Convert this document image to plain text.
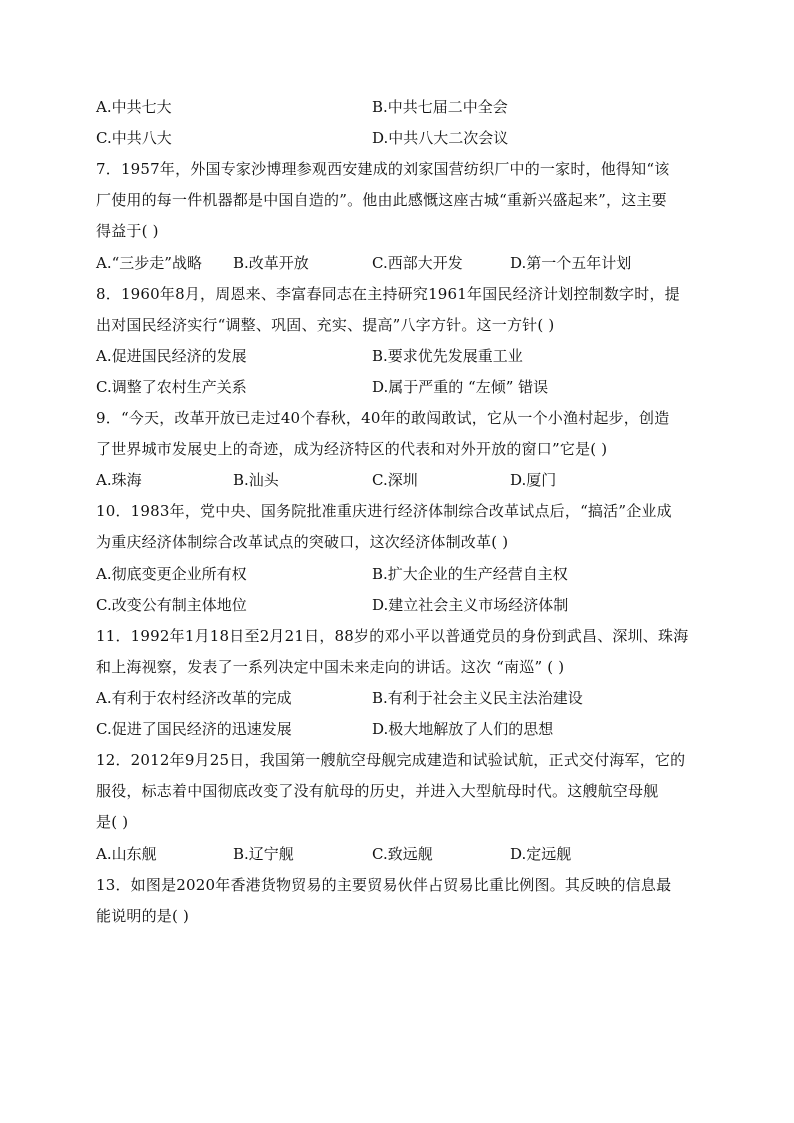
A.中共七大	B.中共七届二中全会
C.中共八大	D.中共八大二次会议
7．1957年，外国专家沙博理参观西安建成的刘家国营纺织厂中的一家时，他得知“该
厂使用的每一件机器都是中国自造的”。他由此感慨这座古城“重新兴盛起来”，这主要
得益于( )
A.“三步走”战略 B.改革开放	C.西部大开发	D.第一个五年计划
8．1960年8月，周恩来、李富春同志在主持研究1961年国民经济计划控制数字时，提
出对国民经济实行“调整、巩固、充实、提高”八字方针。这一方针( )
A.促进国民经济的发展	B.要求优先发展重工业
C.调整了农村生产关系	D.属于严重的 “左倾” 错误
9．“今天，改革开放已走过40个春秋，40年的敢闯敢试，它从一个小渔村起步，创造
了世界城市发展史上的奇迹，成为经济特区的代表和对外开放的窗口”它是( )
A.珠海	B.汕头	C.深圳	D.厦门
10．1983年，党中央、国务院批准重庆进行经济体制综合改革试点后，“搞活”企业成
为重庆经济体制综合改革试点的突破口，这次经济体制改革( )
A.彻底变更企业所有权	B.扩大企业的生产经营自主权
C.改变公有制主体地位	D.建立社会主义市场经济体制
11．1992年1月18日至2月21日，88岁的邓小平以普通党员的身份到武昌、深圳、珠海
和上海视察，发表了一系列决定中国未来走向的讲话。这次 “南巡” ( )
A.有利于农村经济改革的完成	B.有利于社会主义民主法治建设
C.促进了国民经济的迅速发展	D.极大地解放了人们的思想
12．2012年9月25日，我国第一艘航空母舰完成建造和试验试航，正式交付海军，它的
服役，标志着中国彻底改变了没有航母的历史，并进入大型航母时代。这艘航空母舰
是( )
A.山东舰	B.辽宁舰	C.致远舰	D.定远舰
13．如图是2020年香港货物贸易的主要贸易伙伴占贸易比重比例图。其反映的信息最
能说明的是( )
